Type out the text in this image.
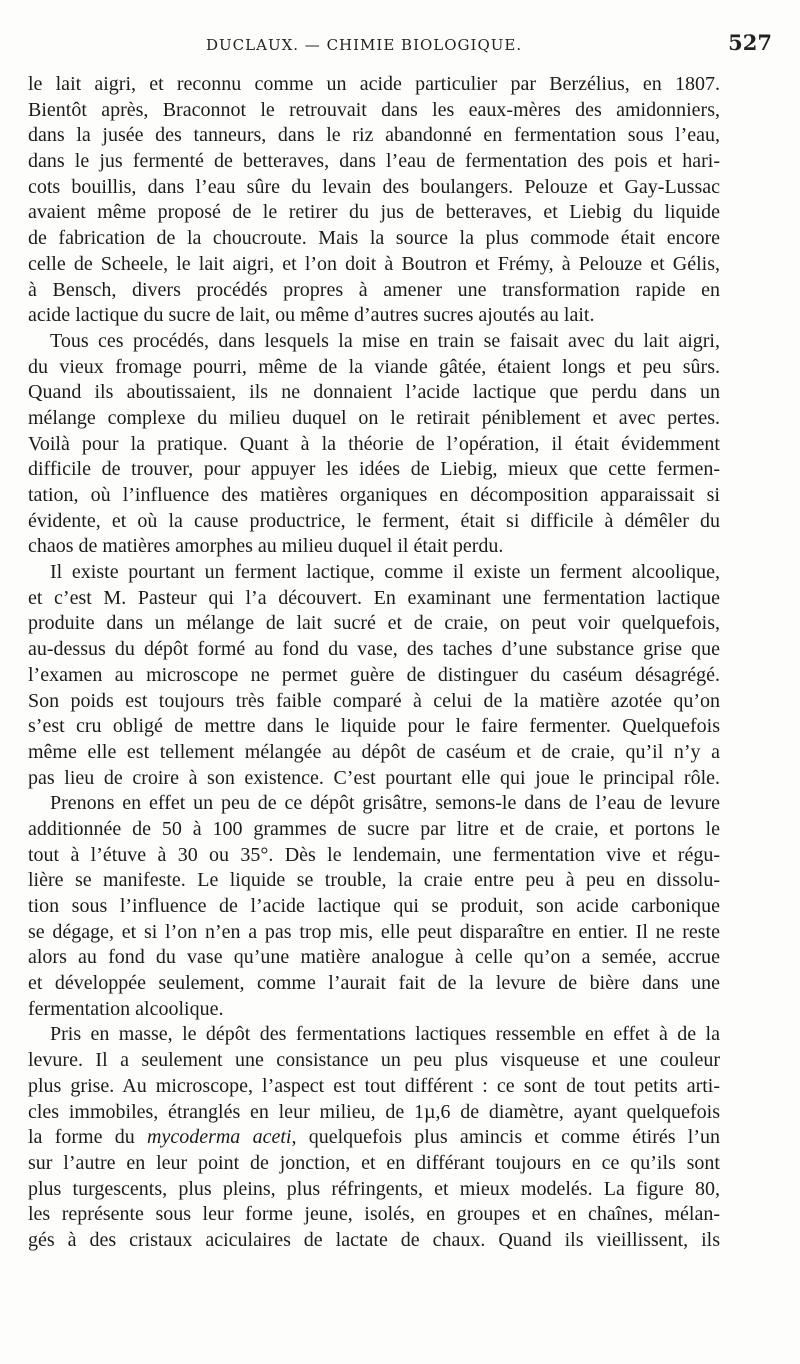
DUCLAUX. — CHIMIE BIOLOGIQUE.	527
le lait aigri, et reconnu comme un acide particulier par Berzélius, en 1807.
Bientôt après, Braconnot le retrouvait dans les eaux-mères des amidonniers,
dans la jusée des tanneurs, dans le riz abandonné en fermentation sous l’eau,
dans le jus fermenté de betteraves, dans l’eau de fermentation des pois et hari-
cots bouillis, dans l’eau sûre du levain des boulangers. Pelouze et Gay-Lussac
avaient même proposé de le retirer du jus de betteraves, et Liebig du liquide
de fabrication de la choucroute. Mais la source la plus commode était encore
celle de Scheele, le lait aigri, et l’on doit à Boutron et Frémy, à Pelouze et Gélis,
à Bensch, divers procédés propres à amener une transformation rapide en
acide lactique du sucre de lait, ou même d’autres sucres ajoutés au lait.
Tous ces procédés, dans lesquels la mise en train se faisait avec du lait aigri,
du vieux fromage pourri, même de la viande gâtée, étaient longs et peu sûrs.
Quand ils aboutissaient, ils ne donnaient l’acide lactique que perdu dans un
mélange complexe du milieu duquel on le retirait péniblement et avec pertes.
Voilà pour la pratique. Quant à la théorie de l’opération, il était évidemment
difficile de trouver, pour appuyer les idées de Liebig, mieux que cette fermen-
tation, où l’influence des matières organiques en décomposition apparaissait si
évidente, et où la cause productrice, le ferment, était si difficile à démêler du
chaos de matières amorphes au milieu duquel il était perdu.
Il existe pourtant un ferment lactique, comme il existe un ferment alcoolique,
et c’est M. Pasteur qui l’a découvert. En examinant une fermentation lactique
produite dans un mélange de lait sucré et de craie, on peut voir quelquefois,
au-dessus du dépôt formé au fond du vase, des taches d’une substance grise que
l’examen au microscope ne permet guère de distinguer du caséum désagrégé.
Son poids est toujours très faible comparé à celui de la matière azotée qu’on
s’est cru obligé de mettre dans le liquide pour le faire fermenter. Quelquefois
même elle est tellement mélangée au dépôt de caséum et de craie, qu’il n’y a
pas lieu de croire à son existence. C’est pourtant elle qui joue le principal rôle.
Prenons en effet un peu de ce dépôt grisâtre, semons-le dans de l’eau de levure
additionnée de 50 à 100 grammes de sucre par litre et de craie, et portons le
tout à l’étuve à 30 ou 35°. Dès le lendemain, une fermentation vive et régu-
lière se manifeste. Le liquide se trouble, la craie entre peu à peu en dissolu-
tion sous l’influence de l’acide lactique qui se produit, son acide carbonique
se dégage, et si l’on n’en a pas trop mis, elle peut disparaître en entier. Il ne reste
alors au fond du vase qu’une matière analogue à celle qu’on a semée, accrue
et développée seulement, comme l’aurait fait de la levure de bière dans une
fermentation alcoolique.
Pris en masse, le dépôt des fermentations lactiques ressemble en effet à de la
levure. Il a seulement une consistance un peu plus visqueuse et une couleur
plus grise. Au microscope, l’aspect est tout différent : ce sont de tout petits arti-
cles immobiles, étranglés en leur milieu, de 1µ,6 de diamètre, ayant quelquefois
la forme du mycoderma aceti, quelquefois plus amincis et comme étirés l’un
sur l’autre en leur point de jonction, et en différant toujours en ce qu’ils sont
plus turgescents, plus pleins, plus réfringents, et mieux modelés. La figure 80,
les représente sous leur forme jeune, isolés, en groupes et en chaînes, mélan-
gés à des cristaux aciculaires de lactate de chaux. Quand ils vieillissent, ils
